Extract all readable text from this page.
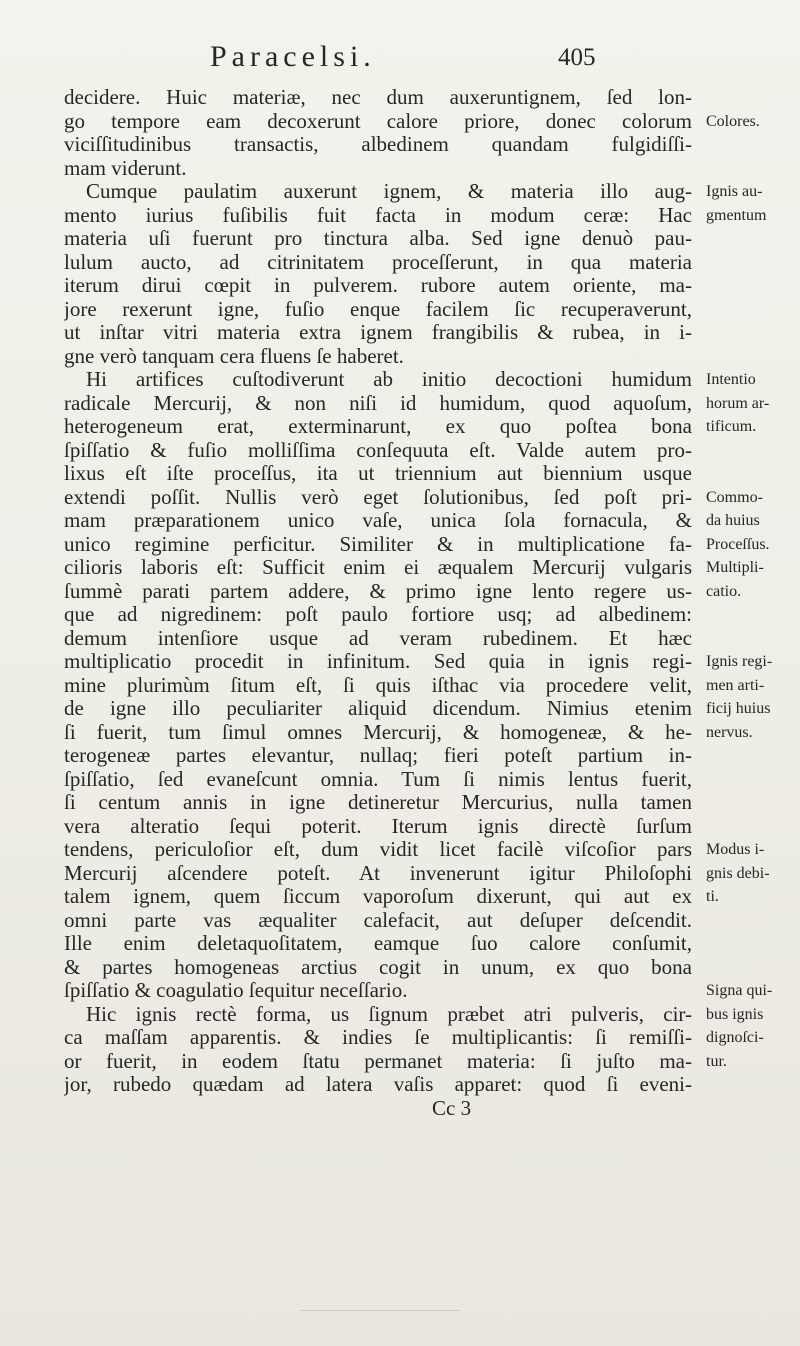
Paracelsi.	405
decidere. Huic materiæ, nec dum auxeruntignem, ſed lon-
go tempore eam decoxerunt calore priore, donec colorum
viciſſitudinibus transactis, albedinem quandam fulgidiſſi-
mam viderunt.
Cumque paulatim auxerunt ignem, & materia illo aug-
mento iurius fuſibilis fuit facta in modum ceræ: Hac
materia uſi fuerunt pro tinctura alba. Sed igne denuò pau-
lulum aucto, ad citrinitatem proceſſerunt, in qua materia
iterum dirui cœpit in pulverem. rubore autem oriente, ma-
jore rexerunt igne, fuſio enque facilem ſic recuperaverunt,
ut inſtar vitri materia extra ignem frangibilis & rubea, in i-
gne verò tanquam cera fluens ſe haberet.
Hi artifices cuſtodiverunt ab initio decoctioni humidum
radicale Mercurij, & non niſi id humidum, quod aquoſum,
heterogeneum erat, exterminarunt, ex quo poſtea bona
ſpiſſatio & fuſio molliſſima conſequuta eſt. Valde autem pro-
lixus eſt iſte proceſſus, ita ut triennium aut biennium usque
extendi poſſit. Nullis verò eget ſolutionibus, ſed poſt pri-
mam præparationem unico vaſe, unica ſola fornacula, &
unico regimine perficitur. Similiter & in multiplicatione fa-
cilioris laboris eſt: Sufficit enim ei æqualem Mercurij vulgaris
ſummè parati partem addere, & primo igne lento regere us-
que ad nigredinem: poſt paulo fortiore usq; ad albedinem:
demum intenſiore usque ad veram rubedinem. Et hæc
multiplicatio procedit in infinitum. Sed quia in ignis regi-
mine plurimùm ſitum eſt, ſi quis iſthac via procedere velit,
de igne illo peculiariter aliquid dicendum. Nimius etenim
ſi fuerit, tum ſimul omnes Mercurij, & homogeneæ, & he-
terogeneæ partes elevantur, nullaq; fieri poteſt partium in-
ſpiſſatio, ſed evaneſcunt omnia. Tum ſi nimis lentus fuerit,
ſi centum annis in igne detineretur Mercurius, nulla tamen
vera alteratio ſequi poterit. Iterum ignis directè ſurſum
tendens, periculoſior eſt, dum vidit licet facilè viſcoſior pars
Mercurij aſcendere poteſt. At invenerunt igitur Philoſophi
talem ignem, quem ſiccum vaporoſum dixerunt, qui aut ex
omni parte vas æqualiter calefacit, aut deſuper deſcendit.
Ille enim deletaquoſitatem, eamque ſuo calore conſumit,
& partes homogeneas arctius cogit in unum, ex quo bona
ſpiſſatio & coagulatio ſequitur neceſſario.
Hic ignis rectè forma, us ſignum præbet atri pulveris, cir-
ca maſſam apparentis. & indies ſe multiplicantis: ſi remiſſi-
or fuerit, in eodem ſtatu permanet materia: ſi juſto ma-
jor, rubedo quædam ad latera vaſis apparet: quod ſi eveni-
Cc 3
Colores.
Ignis au-
gmentum
Intentio
horum ar-
tificum.
Commo-
da huius
Proceſſus.
Multipli-
catio.
Ignis regi-
men arti-
ficij huius
nervus.
Modus i-
gnis debi-
ti.
Signa qui-
bus ignis
dignoſci-
tur.
